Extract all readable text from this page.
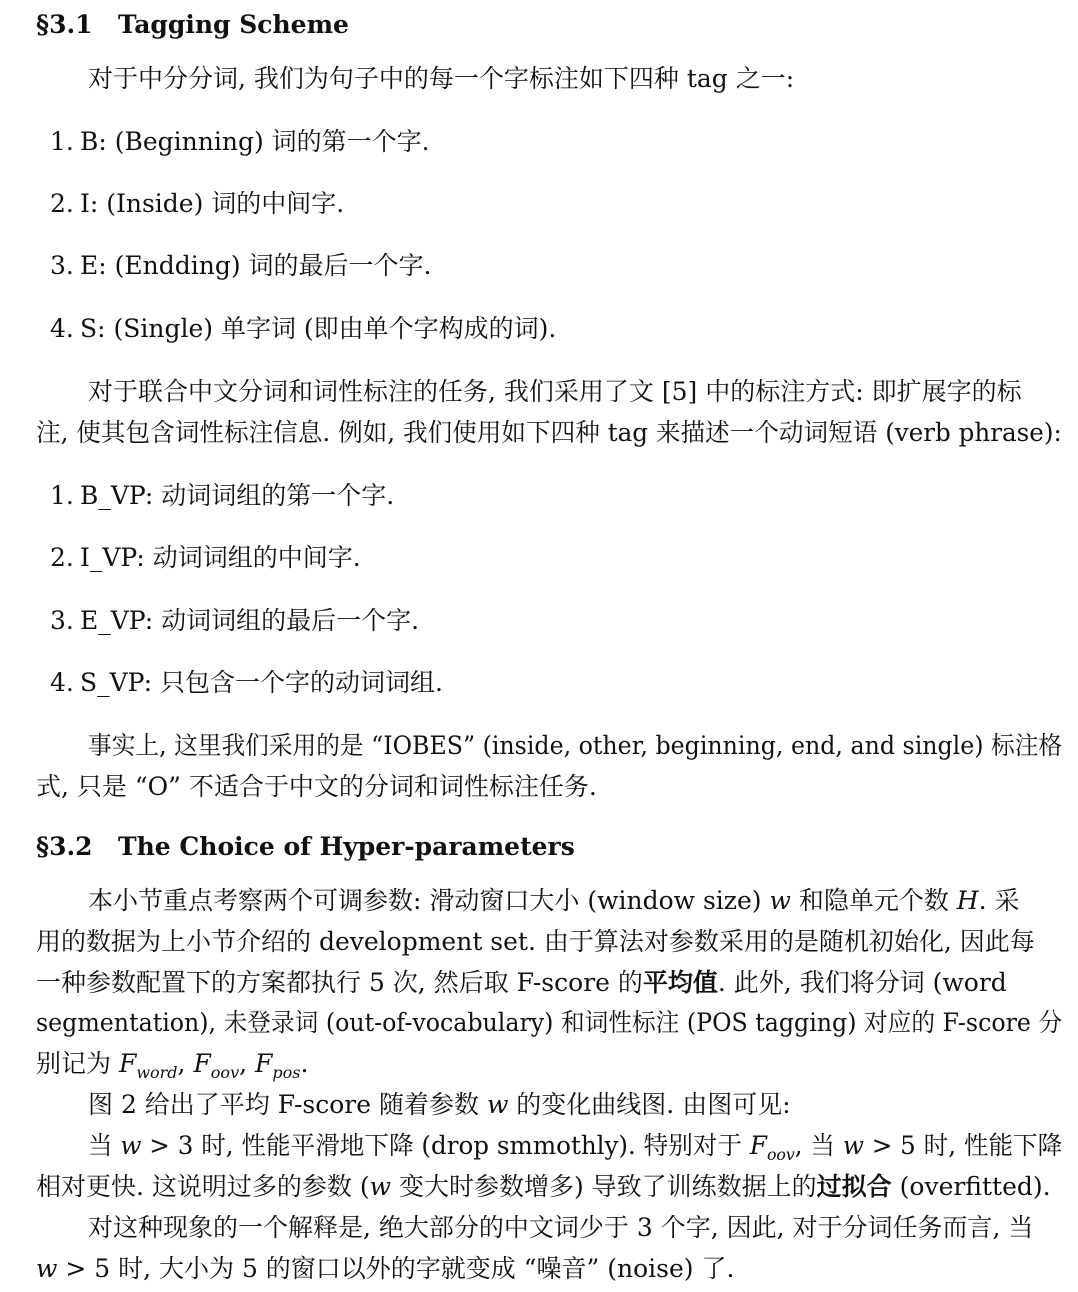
§3.1 Tagging Scheme
对于中分分词, 我们为句子中的每一个字标注如下四种 tag 之一:
1. B: (Beginning) 词的第一个字.
2. I: (Inside) 词的中间字.
3. E: (Endding) 词的最后一个字.
4. S: (Single) 单字词 (即由单个字构成的词).
对于联合中文分词和词性标注的任务, 我们采用了文 [5] 中的标注方式: 即扩展字的标
注, 使其包含词性标注信息. 例如, 我们使用如下四种 tag 来描述一个动词短语 (verb phrase):
1. B_VP: 动词词组的第一个字.
2. I_VP: 动词词组的中间字.
3. E_VP: 动词词组的最后一个字.
4. S_VP: 只包含一个字的动词词组.
事实上, 这里我们采用的是 “IOBES” (inside, other, beginning, end, and single) 标注格
式, 只是 “O” 不适合于中文的分词和词性标注任务.
§3.2 The Choice of Hyper-parameters
本小节重点考察两个可调参数: 滑动窗口大小 (window size) w 和隐单元个数 H. 采
用的数据为上小节介绍的 development set. 由于算法对参数采用的是随机初始化, 因此每
一种参数配置下的方案都执行 5 次, 然后取 F-score 的平均值. 此外, 我们将分词 (word
segmentation), 未登录词 (out-of-vocabulary) 和词性标注 (POS tagging) 对应的 F-score 分
别记为 $F_{word}$, $F_{oov}$, $F_{pos}$.
图 2 给出了平均 F-score 随着参数 w 的变化曲线图. 由图可见:
当 w > 3 时, 性能平滑地下降 (drop smmothly). 特别对于 $F_{oov}$, 当 w > 5 时, 性能下降
相对更快. 这说明过多的参数 (w 变大时参数增多) 导致了训练数据上的过拟合 (overfitted).
对这种现象的一个解释是, 绝大部分的中文词少于 3 个字, 因此, 对于分词任务而言, 当
w > 5 时, 大小为 5 的窗口以外的字就变成 “噪音” (noise) 了.
